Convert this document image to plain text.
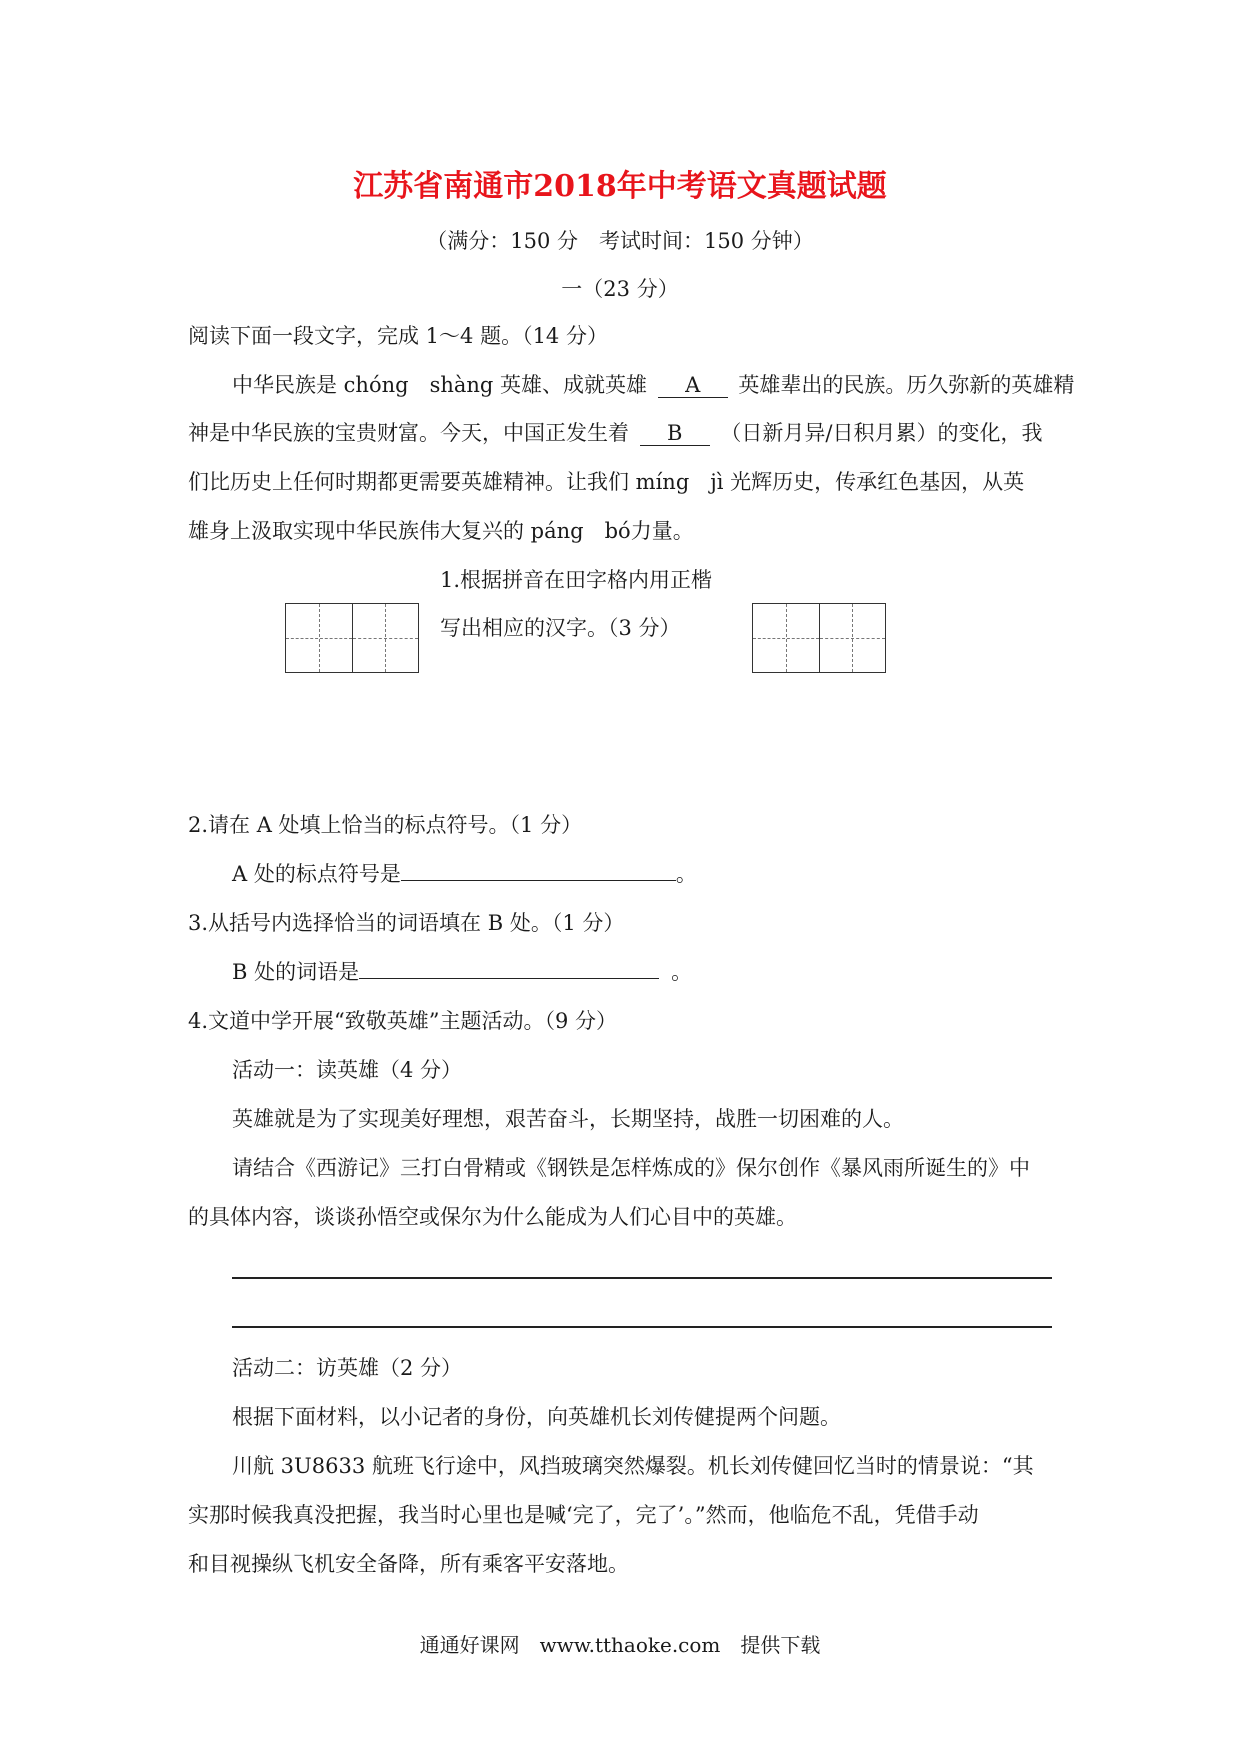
江苏省南通市2018年中考语文真题试题
（满分：150 分　考试时间：150 分钟）
一（23 分）
阅读下面一段文字，完成 1～4 题。（14 分）
中华民族是 chóng　shàng 英雄、成就英雄 A 英雄辈出的民族。历久弥新的英雄精
神是中华民族的宝贵财富。今天，中国正发生着 B （日新月异/日积月累）的变化，我
们比历史上任何时期都更需要英雄精神。让我们 míng　jì 光辉历史，传承红色基因，从英
雄身上汲取实现中华民族伟大复兴的 páng　bó力量。
1.根据拼音在田字格内用正楷
写出相应的汉字。（3 分）
2.请在 A 处填上恰当的标点符号。（1 分）
A 处的标点符号是	。
3.从括号内选择恰当的词语填在 B 处。（1 分）
B 处的词语是	。
4.文道中学开展“致敬英雄”主题活动。（9 分）
活动一：读英雄（4 分）
英雄就是为了实现美好理想，艰苦奋斗，长期坚持，战胜一切困难的人。
请结合《西游记》三打白骨精或《钢铁是怎样炼成的》保尔创作《暴风雨所诞生的》中
的具体内容，谈谈孙悟空或保尔为什么能成为人们心目中的英雄。
活动二：访英雄（2 分）
根据下面材料，以小记者的身份，向英雄机长刘传健提两个问题。
川航 3U8633 航班飞行途中，风挡玻璃突然爆裂。机长刘传健回忆当时的情景说：“其
实那时候我真没把握，我当时心里也是喊‘完了，完了’。”然而，他临危不乱，凭借手动
和目视操纵飞机安全备降，所有乘客平安落地。
通通好课网　www.tthaoke.com　提供下载
